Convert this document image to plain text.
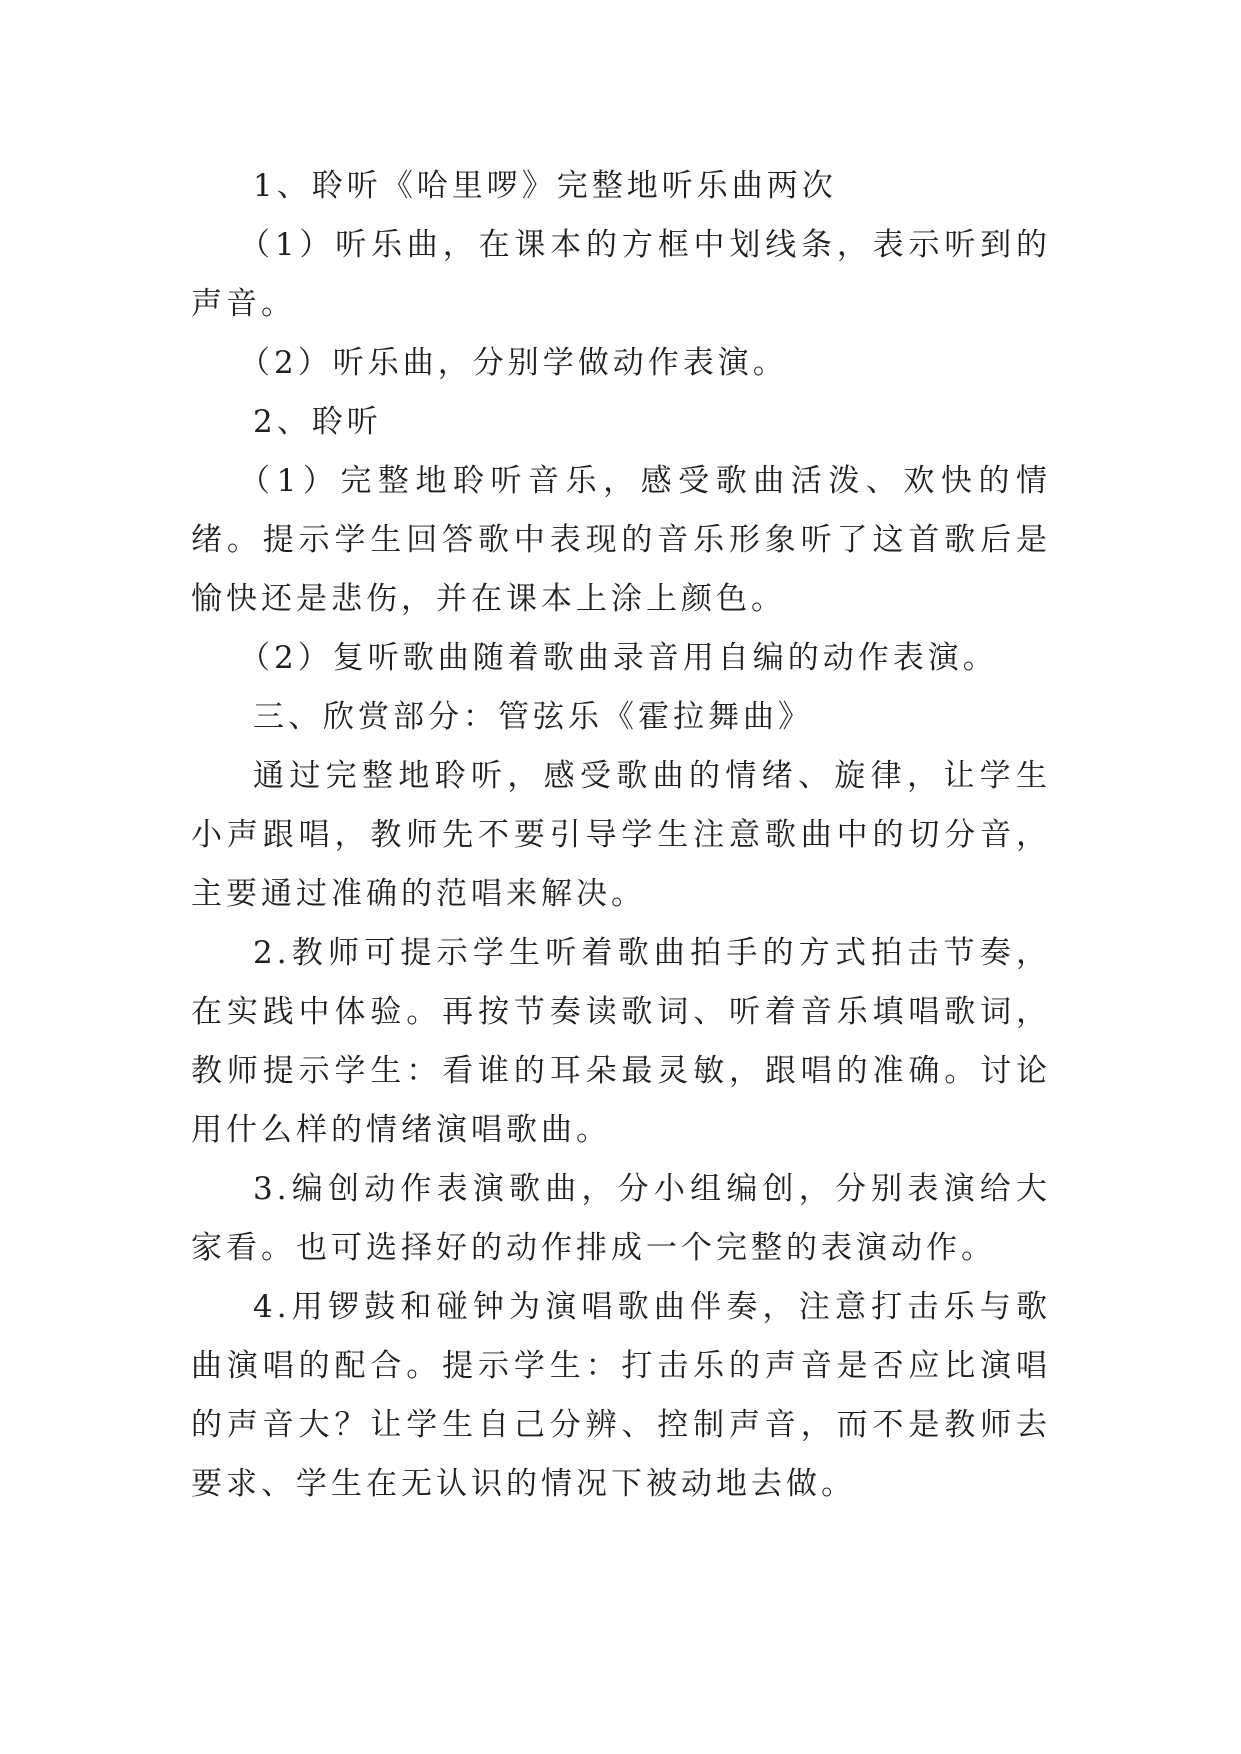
1、聆听《哈里啰》完整地听乐曲两次

（1）听乐曲，在课本的方框中划线条，表示听到的声音。

（2）听乐曲，分别学做动作表演。

2、聆听

（1）完整地聆听音乐，感受歌曲活泼、欢快的情绪。提示学生回答歌中表现的音乐形象听了这首歌后是愉快还是悲伤，并在课本上涂上颜色。

（2）复听歌曲随着歌曲录音用自编的动作表演。

三、欣赏部分：管弦乐《霍拉舞曲》

通过完整地聆听，感受歌曲的情绪、旋律，让学生小声跟唱，教师先不要引导学生注意歌曲中的切分音，主要通过准确的范唱来解决。

2.教师可提示学生听着歌曲拍手的方式拍击节奏，在实践中体验。再按节奏读歌词、听着音乐填唱歌词，教师提示学生：看谁的耳朵最灵敏，跟唱的准确。讨论用什么样的情绪演唱歌曲。

3.编创动作表演歌曲，分小组编创，分别表演给大家看。也可选择好的动作排成一个完整的表演动作。

4.用锣鼓和碰钟为演唱歌曲伴奏，注意打击乐与歌曲演唱的配合。提示学生：打击乐的声音是否应比演唱的声音大？让学生自己分辨、控制声音，而不是教师去要求、学生在无认识的情况下被动地去做。
